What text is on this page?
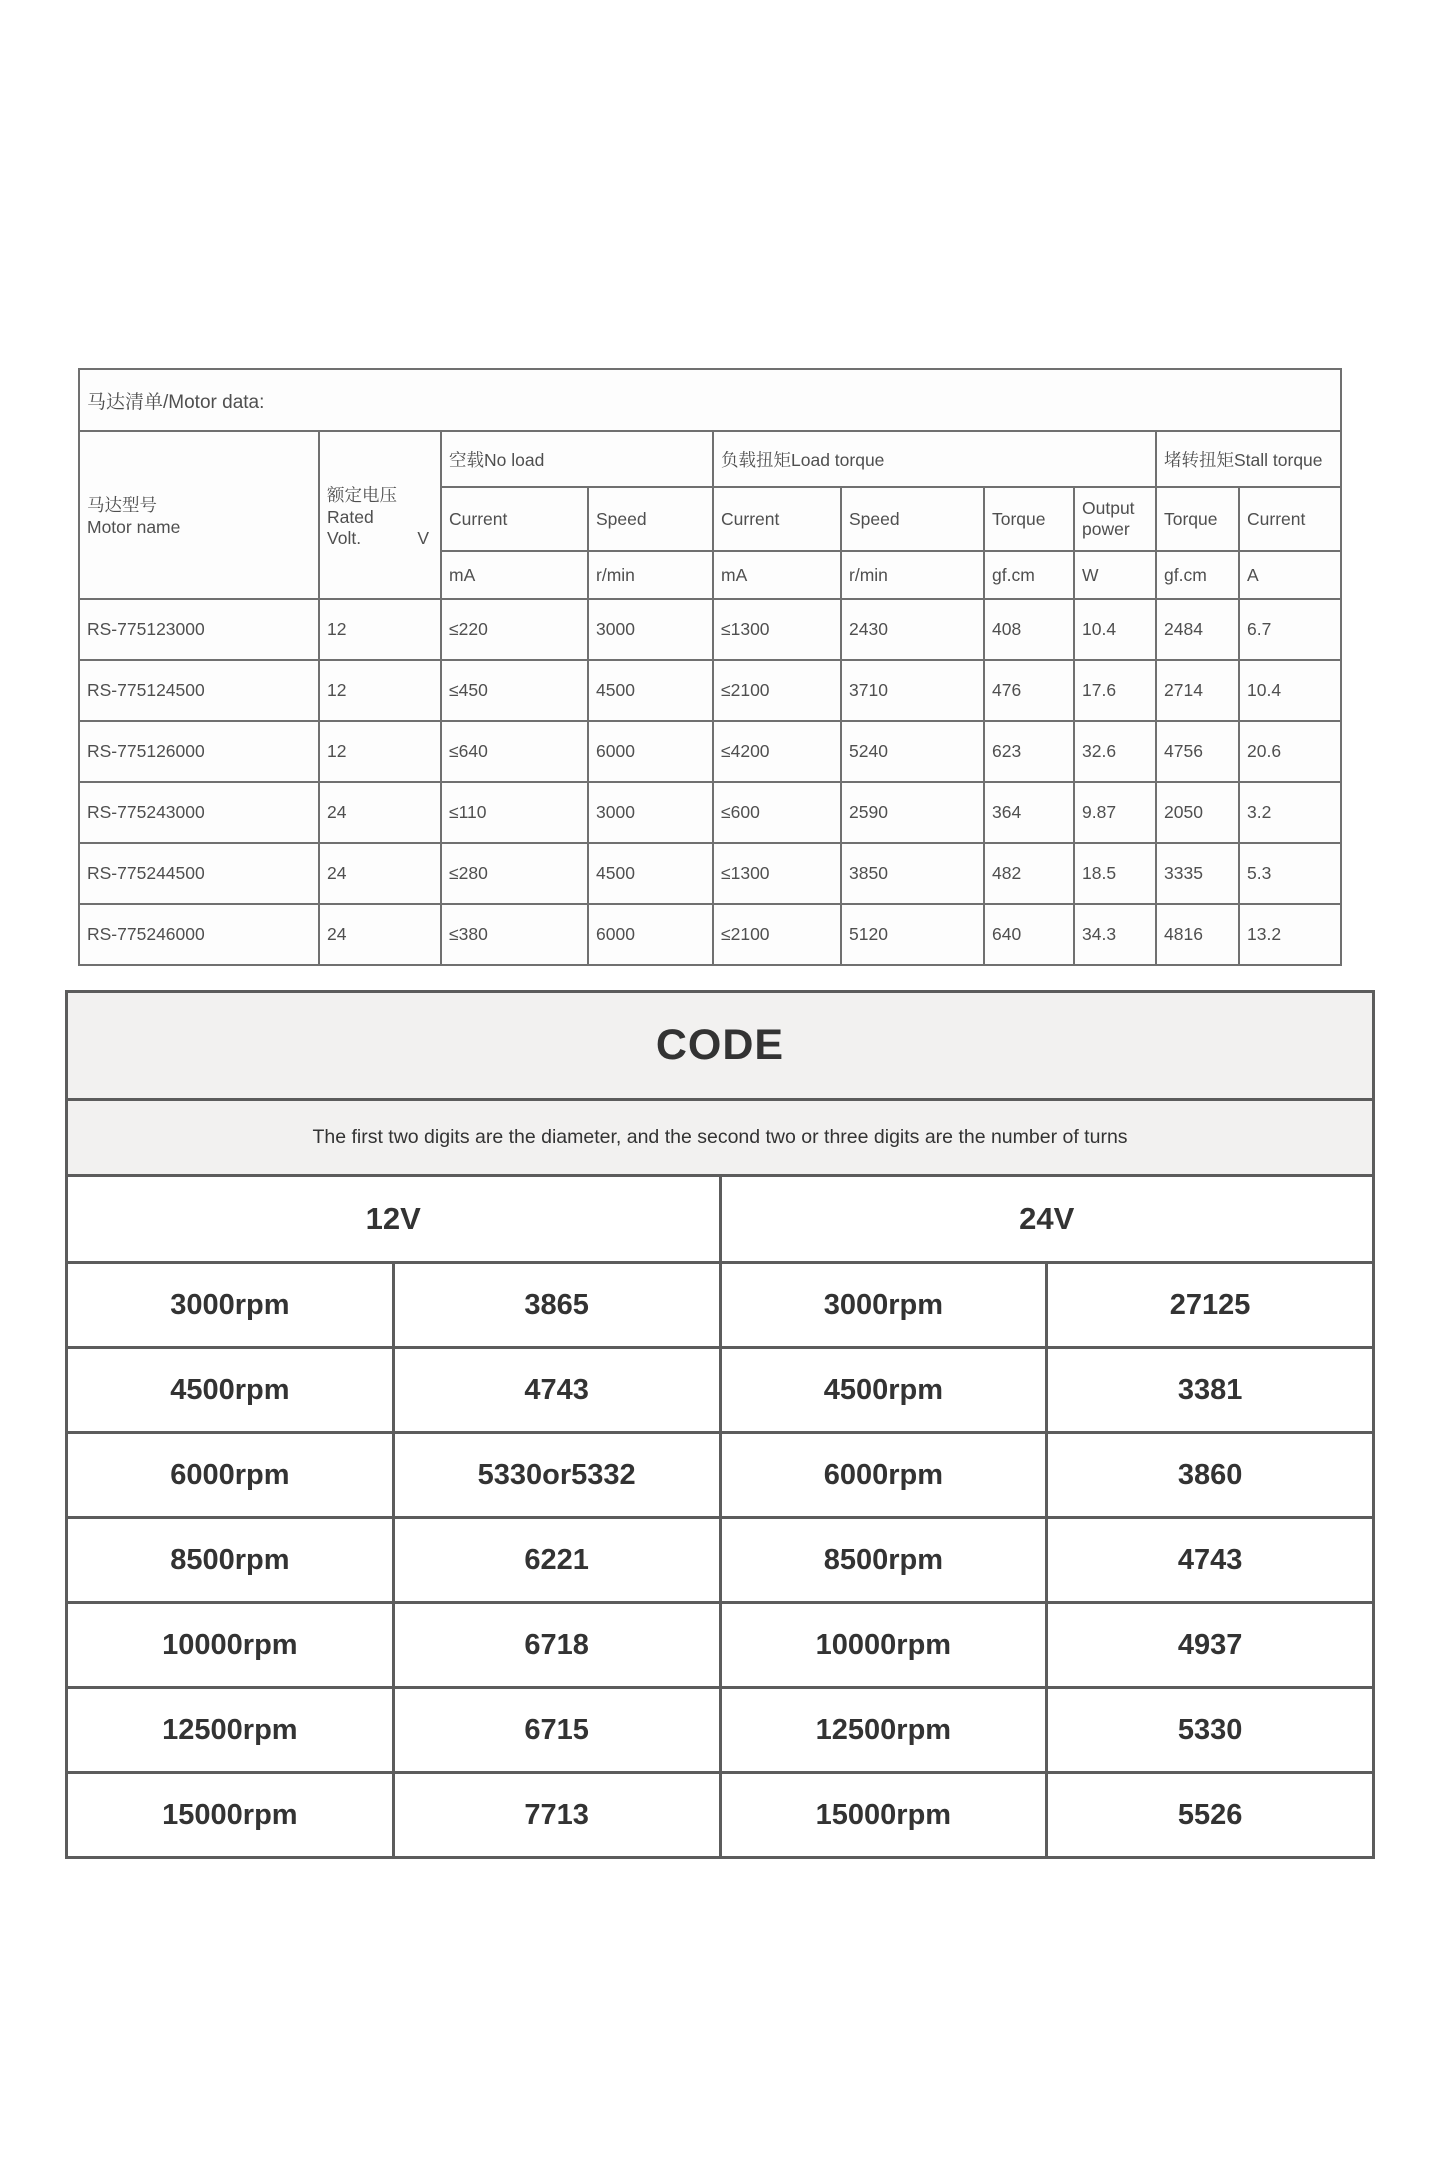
马达清单/Motor data:									

马达型号
Motor name

额定电压
Rated
Volt.	V
	空载No load	负载扭矩Load torque	堵转扭矩Stall torque
		Current	Speed	Current	Speed	Torque	Output power	Torque	Current
		mA	r/min	mA	r/min	gf.cm	W	gf.cm	A
RS-775123000	12	≤220	3000	≤1300	2430	408	10.4	2484	6.7
RS-775124500	12	≤450	4500	≤2100	3710	476	17.6	2714	10.4
RS-775126000	12	≤640	6000	≤4200	5240	623	32.6	4756	20.6
RS-775243000	24	≤110	3000	≤600	2590	364	9.87	2050	3.2
RS-775244500	24	≤280	4500	≤1300	3850	482	18.5	3335	5.3
RS-775246000	24	≤380	6000	≤2100	5120	640	34.3	4816	13.2
CODE			
The first two digits are the diameter, and the second two or three digits are the number of turns			
12V		24V	
3000rpm	3865	3000rpm	27125
4500rpm	4743	4500rpm	3381
6000rpm	5330or5332	6000rpm	3860
8500rpm	6221	8500rpm	4743
10000rpm	6718	10000rpm	4937
12500rpm	6715	12500rpm	5330
15000rpm	7713	15000rpm	5526
